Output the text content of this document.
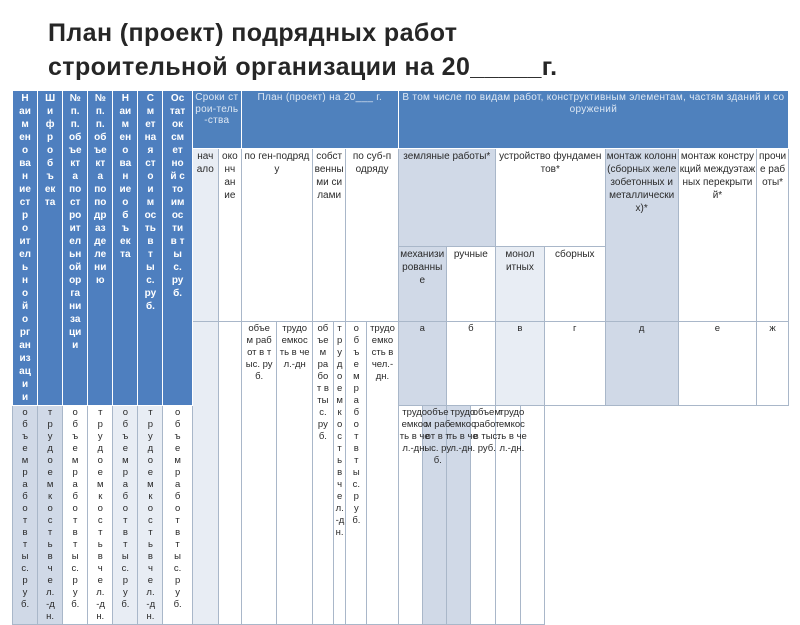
План (проект) подрядных работ
строительной организации на 20_____г.
Наименование строительной организации	Шифр объекта	№ п.п. объекта по строительной организации	№ п.п. объекта по подразделению	Наименование объекта	Сметная стоимость в тыс. руб.	Остаток сметной стоимости в тыс. руб.	Сроки строи-тель-ства		План (проект) на 20___ г.						В том числе по видам работ, конструктивным элементам, частям зданий и сооружений									

							начало	окончание	по ген-подряду		собственными силами		по суб-подряду		земляные работы*				устройство фундаментов*			монтаж колонн (сборных железобетонных и металлических)*	монтаж конструкций междуэтажных перекрытий*	прочие работы*
															механизированные		ручные		монолитных		сборных			

									объем работ в тыс. руб.	трудоемкость в чел.-дн	объем работ в тыс. руб.	трудоемкость в чел.-дн.	объем работ в тыс. руб.	трудоемкость в чел.-дн.	а		б		в		г	д	е	ж

объем работ в тыс. руб.	трудоемкость в чел.-дн.	объем работ в тыс. руб.	трудоемкость в чел.-дн.	объем работ в тыс. руб.	трудоемкость в чел.-дн.	объем работ в тыс. руб.									трудоемкость в чел.-дн.	объем работ в тыс. руб.	трудоемкость в чел.-дн.	объем работ в тыс. руб.	трудоемкость в чел.-дн.					
